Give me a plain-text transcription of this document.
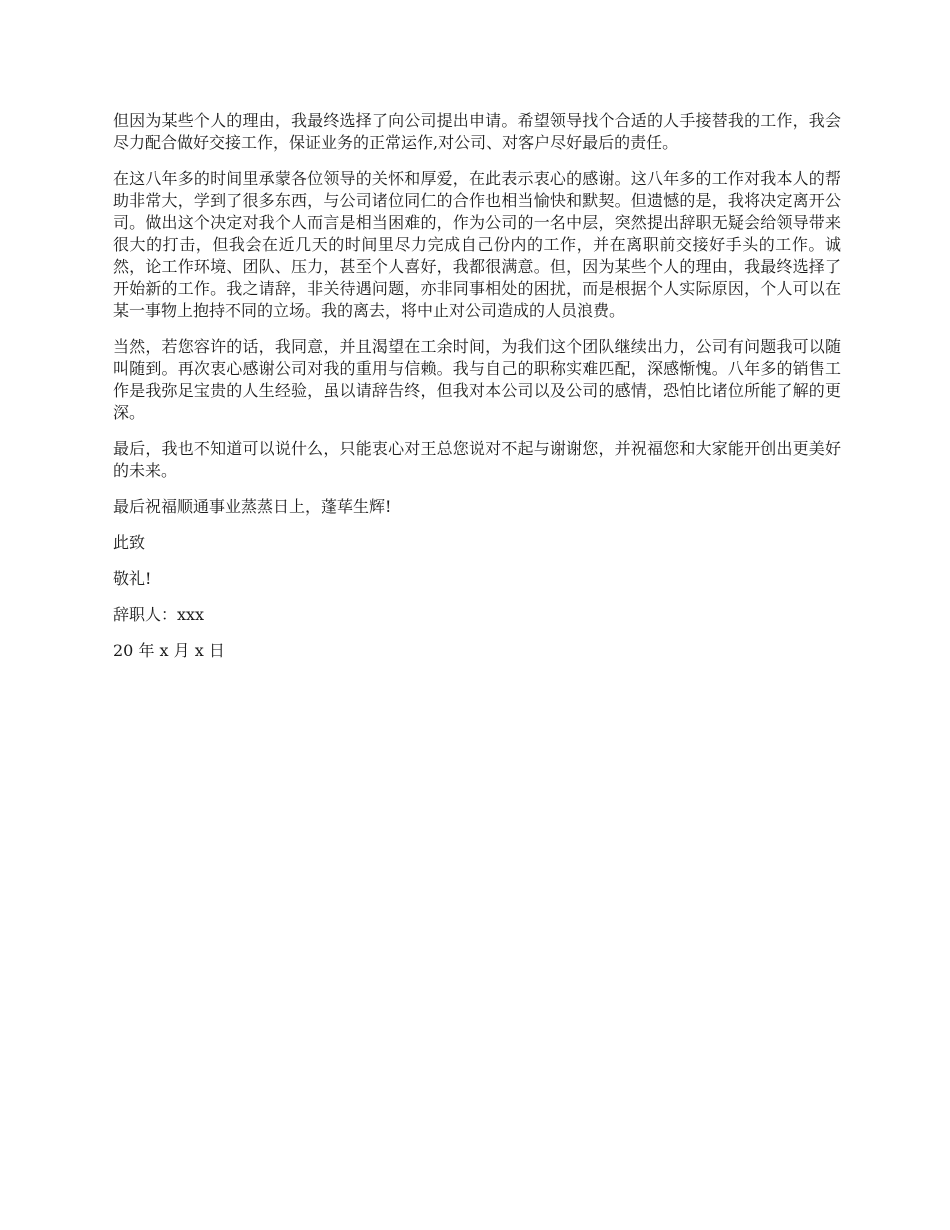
但因为某些个人的理由，我最终选择了向公司提出申请。希望领导找个合适的人手接替我的工作，我会尽力配合做好交接工作，保证业务的正常运作,对公司、对客户尽好最后的责任。

在这八年多的时间里承蒙各位领导的关怀和厚爱，在此表示衷心的感谢。这八年多的工作对我本人的帮助非常大，学到了很多东西，与公司诸位同仁的合作也相当愉快和默契。但遗憾的是，我将决定离开公司。做出这个决定对我个人而言是相当困难的，作为公司的一名中层，突然提出辞职无疑会给领导带来很大的打击，但我会在近几天的时间里尽力完成自己份内的工作，并在离职前交接好手头的工作。诚然，论工作环境、团队、压力，甚至个人喜好，我都很满意。但，因为某些个人的理由，我最终选择了开始新的工作。我之请辞，非关待遇问题，亦非同事相处的困扰，而是根据个人实际原因，个人可以在某一事物上抱持不同的立场。我的离去，将中止对公司造成的人员浪费。

当然，若您容许的话，我同意，并且渴望在工余时间，为我们这个团队继续出力，公司有问题我可以随叫随到。再次衷心感谢公司对我的重用与信赖。我与自己的职称实难匹配，深感惭愧。八年多的销售工作是我弥足宝贵的人生经验，虽以请辞告终，但我对本公司以及公司的感情，恐怕比诸位所能了解的更深。

最后，我也不知道可以说什么，只能衷心对王总您说对不起与谢谢您，并祝福您和大家能开创出更美好的未来。

最后祝福顺通事业蒸蒸日上，蓬荜生辉!

此致

敬礼!

辞职人：xxx

20 年 x 月 x 日
